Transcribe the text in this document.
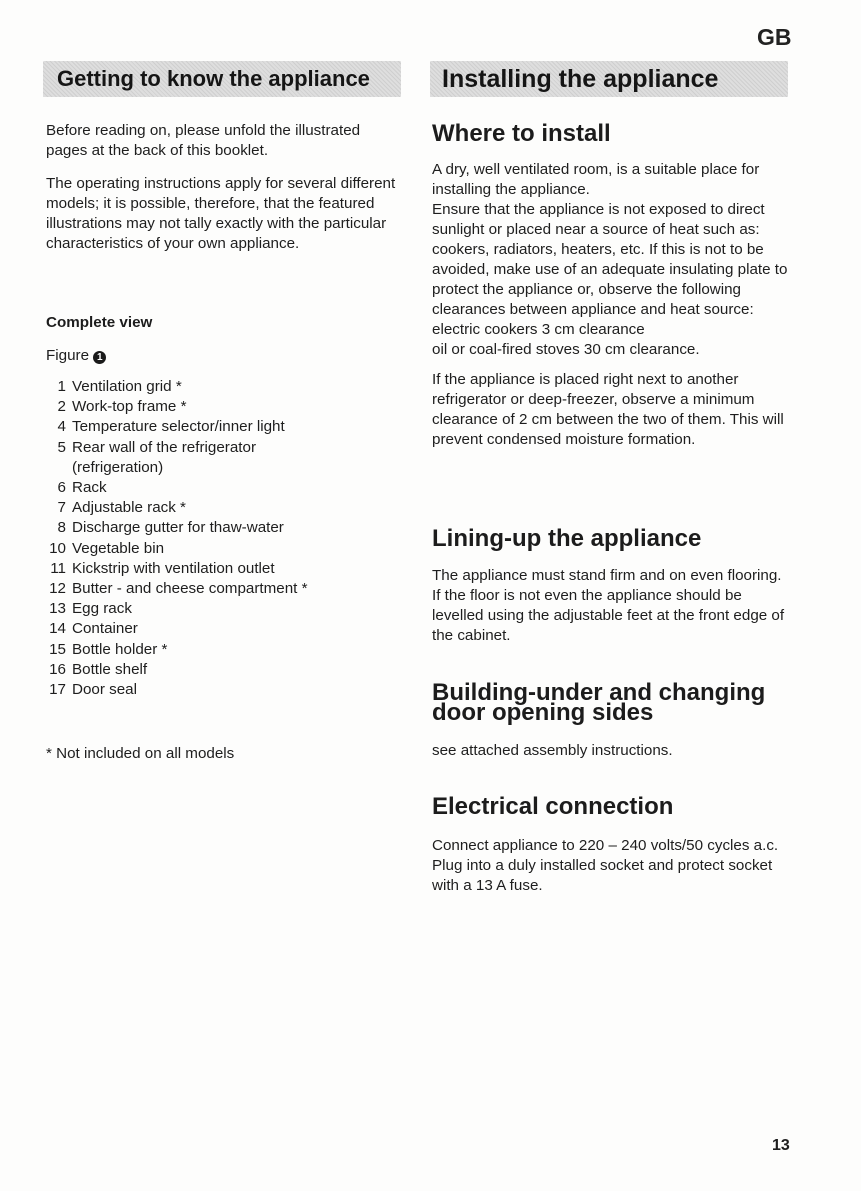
GB
Getting to know the appliance	Installing the appliance

Before reading on, please unfold the illustrated pages at the back of this booklet.

The operating instructions apply for several different models; it is possible, therefore, that the featured illustrations may not tally exactly with the particular characteristics of your own appliance.

Complete view
Figure 1
1 Ventilation grid *
2 Work-top frame *
4 Temperature selector/inner light
5 Rear wall of the refrigerator
(refrigeration)
6 Rack
7 Adjustable rack *
8 Discharge gutter for thaw-water
10 Vegetable bin
11 Kickstrip with ventilation outlet
12 Butter - and cheese compartment *
13 Egg rack
14 Container
15 Bottle holder *
16 Bottle shelf
17 Door seal
* Not included on all models
Where to install

A dry, well ventilated room, is a suitable place for installing the appliance.

Ensure that the appliance is not exposed to direct sunlight or placed near a source of heat such as: cookers, radiators, heaters, etc. If this is not to be avoided, make use of an adequate insulating plate to protect the appliance or, observe the following clearances between appliance and heat source:

electric cookers 3 cm clearance

oil or coal-fired stoves 30 cm clearance.

If the appliance is placed right next to another refrigerator or deep-freezer, observe a minimum clearance of 2 cm between the two of them. This will prevent condensed moisture formation.

Lining-up the appliance

The appliance must stand firm and on even flooring. If the floor is not even the appliance should be levelled using the adjustable feet at the front edge of the cabinet.

Building-under and changing door opening sides

see attached assembly instructions.

Electrical connection

Connect appliance to 220 – 240 volts/50 cycles a.c. Plug into a duly installed socket and protect socket with a 13 A fuse.

13
